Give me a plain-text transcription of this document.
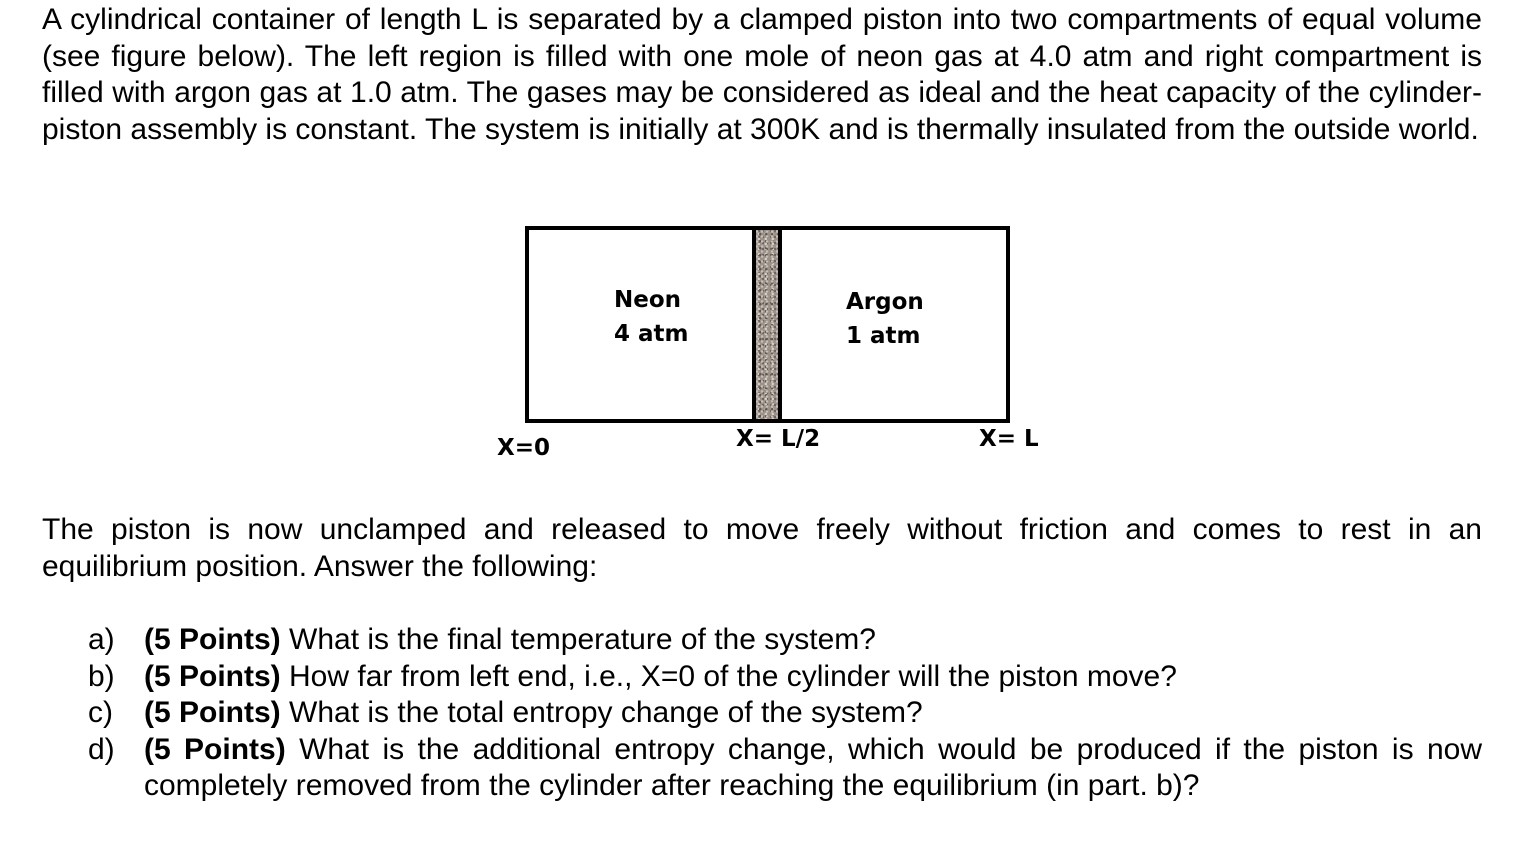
A cylindrical container of length L is separated by a clamped piston into two compartments of equal volume (see figure below). The left region is filled with one mole of neon gas at 4.0 atm and right compartment is filled with argon gas at 1.0 atm. The gases may be considered as ideal and the heat capacity of the cylinder-piston assembly is constant. The system is initially at 300K and is thermally insulated from the outside world.

Neon
4 atm
Argon
1 atm
X=0	X= L/2	X= L

The piston is now unclamped and released to move freely without friction and comes to rest in an equilibrium position. Answer the following:

a) (5 Points) What is the final temperature of the system?
b) (5 Points) How far from left end, i.e., X=0 of the cylinder will the piston move?
c)	(5 Points) What is the total entropy change of the system?
d) (5 Points) What is the additional entropy change, which would be produced if the piston is now completely removed from the cylinder after reaching the equilibrium (in part. b)?
